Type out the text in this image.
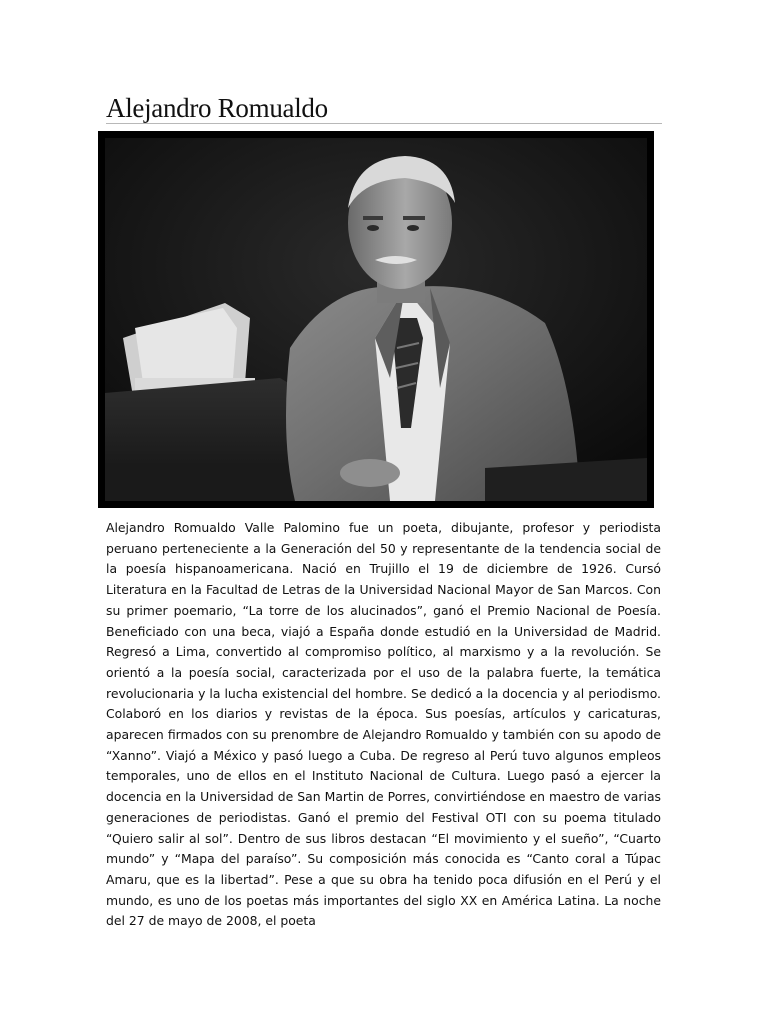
Alejandro Romualdo
Alejandro Romualdo Valle Palomino fue un poeta, dibujante, profesor y periodista peruano perteneciente a la Generación del 50 y representante de la tendencia social de la poesía hispanoamericana. Nació en Trujillo el 19 de diciembre de 1926. Cursó Literatura en la Facultad de Letras de la Universidad Nacional Mayor de San Marcos. Con su primer poemario, “La torre de los alucinados”, ganó el Premio Nacional de Poesía. Beneficiado con una beca, viajó a España donde estudió en la Universidad de Madrid. Regresó a Lima, convertido al compromiso político, al marxismo y a la revolución. Se orientó a la poesía social, caracterizada por el uso de la palabra fuerte, la temática revolucionaria y la lucha existencial del hombre. Se dedicó a la docencia y al periodismo. Colaboró en los diarios y revistas de la época. Sus poesías, artículos y caricaturas, aparecen firmados con su prenombre de Alejandro Romualdo y también con su apodo de “Xanno”. Viajó a México y pasó luego a Cuba. De regreso al Perú tuvo algunos empleos temporales, uno de ellos en el Instituto Nacional de Cultura. Luego pasó a ejercer la docencia en la Universidad de San Martin de Porres, convirtiéndose en maestro de varias generaciones de periodistas. Ganó el premio del Festival OTI con su poema titulado “Quiero salir al sol”. Dentro de sus libros destacan “El movimiento y el sueño”, “Cuarto mundo” y “Mapa del paraíso”. Su composición más conocida es “Canto coral a Túpac Amaru, que es la libertad”. Pese a que su obra ha tenido poca difusión en el Perú y el mundo, es uno de los poetas más importantes del siglo XX en América Latina. La noche del 27 de mayo de 2008, el poeta
